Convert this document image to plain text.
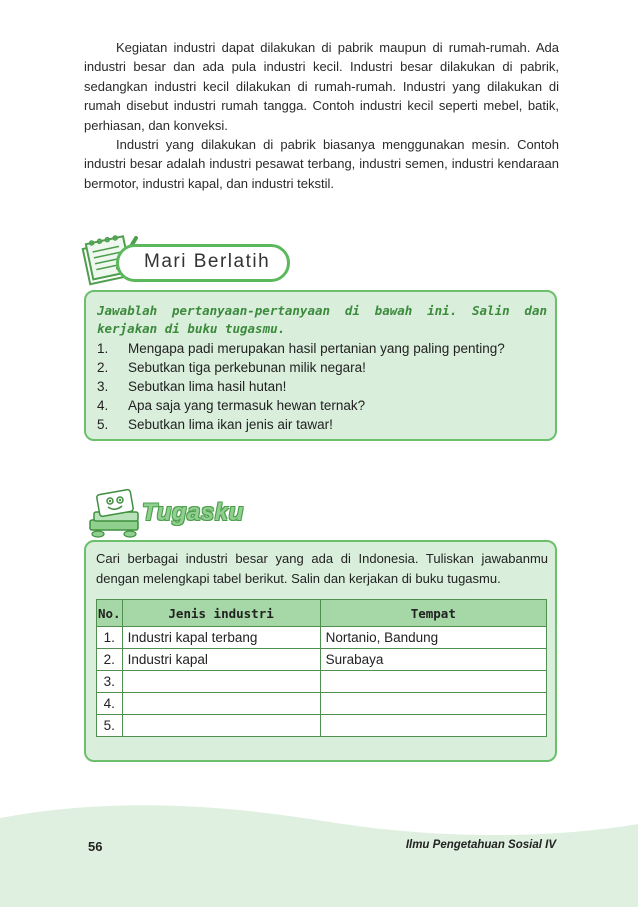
Kegiatan industri dapat dilakukan di pabrik maupun di rumah-rumah. Ada industri besar dan ada pula industri kecil. Industri besar dilakukan di pabrik, sedangkan industri kecil dilakukan di rumah-rumah. Industri yang dilakukan di rumah disebut industri rumah tangga. Contoh industri kecil seperti mebel, batik, perhiasan, dan konveksi.

Industri yang dilakukan di pabrik biasanya menggunakan mesin. Contoh industri besar adalah industri pesawat terbang, industri semen, industri kendaraan bermotor, industri kapal, dan industri tekstil.

Mari Berlatih
Jawablah pertanyaan-pertanyaan di bawah ini. Salin dan kerjakan di buku tugasmu.
1.	Mengapa padi merupakan hasil pertanian yang paling penting?
2.	Sebutkan tiga perkebunan milik negara!
3.	Sebutkan lima hasil hutan!
4.	Apa saja yang termasuk hewan ternak?
5.	Sebutkan lima ikan jenis air tawar!
Tugasku
Cari berbagai industri besar yang ada di Indonesia. Tuliskan jawabanmu dengan melengkapi tabel berikut. Salin dan kerjakan di buku tugasmu.
No.	Jenis industri	Tempat
1.	Industri kapal terbang	Nortanio, Bandung
2.	Industri kapal	Surabaya
3.		
4.		
5.		
56	Ilmu Pengetahuan Sosial IV
